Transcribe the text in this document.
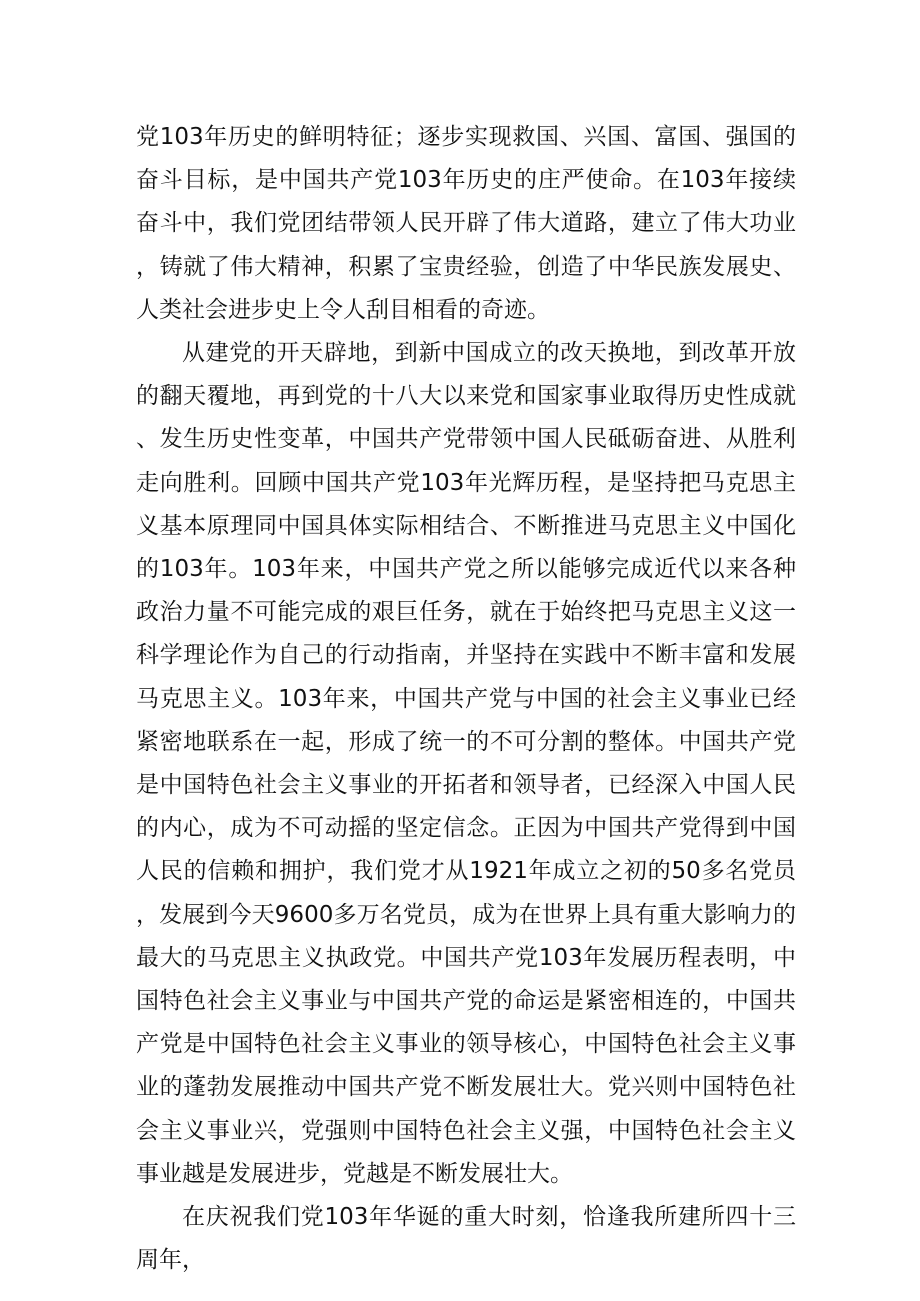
党103年历史的鲜明特征；逐步实现救国、兴国、富国、强国的奋斗目标，是中国共产党103年历史的庄严使命。在103年接续奋斗中，我们党团结带领人民开辟了伟大道路，建立了伟大功业，铸就了伟大精神，积累了宝贵经验，创造了中华民族发展史、人类社会进步史上令人刮目相看的奇迹。

从建党的开天辟地，到新中国成立的改天换地，到改革开放的翻天覆地，再到党的十八大以来党和国家事业取得历史性成就、发生历史性变革，中国共产党带领中国人民砥砺奋进、从胜利走向胜利。回顾中国共产党103年光辉历程，是坚持把马克思主义基本原理同中国具体实际相结合、不断推进马克思主义中国化的103年。103年来，中国共产党之所以能够完成近代以来各种政治力量不可能完成的艰巨任务，就在于始终把马克思主义这一科学理论作为自己的行动指南，并坚持在实践中不断丰富和发展马克思主义。103年来，中国共产党与中国的社会主义事业已经紧密地联系在一起，形成了统一的不可分割的整体。中国共产党是中国特色社会主义事业的开拓者和领导者，已经深入中国人民的内心，成为不可动摇的坚定信念。正因为中国共产党得到中国人民的信赖和拥护，我们党才从1921年成立之初的50多名党员，发展到今天9600多万名党员，成为在世界上具有重大影响力的最大的马克思主义执政党。中国共产党103年发展历程表明，中国特色社会主义事业与中国共产党的命运是紧密相连的，中国共产党是中国特色社会主义事业的领导核心，中国特色社会主义事业的蓬勃发展推动中国共产党不断发展壮大。党兴则中国特色社会主义事业兴，党强则中国特色社会主义强，中国特色社会主义事业越是发展进步，党越是不断发展壮大。

在庆祝我们党103年华诞的重大时刻，恰逢我所建所四十三周年，
